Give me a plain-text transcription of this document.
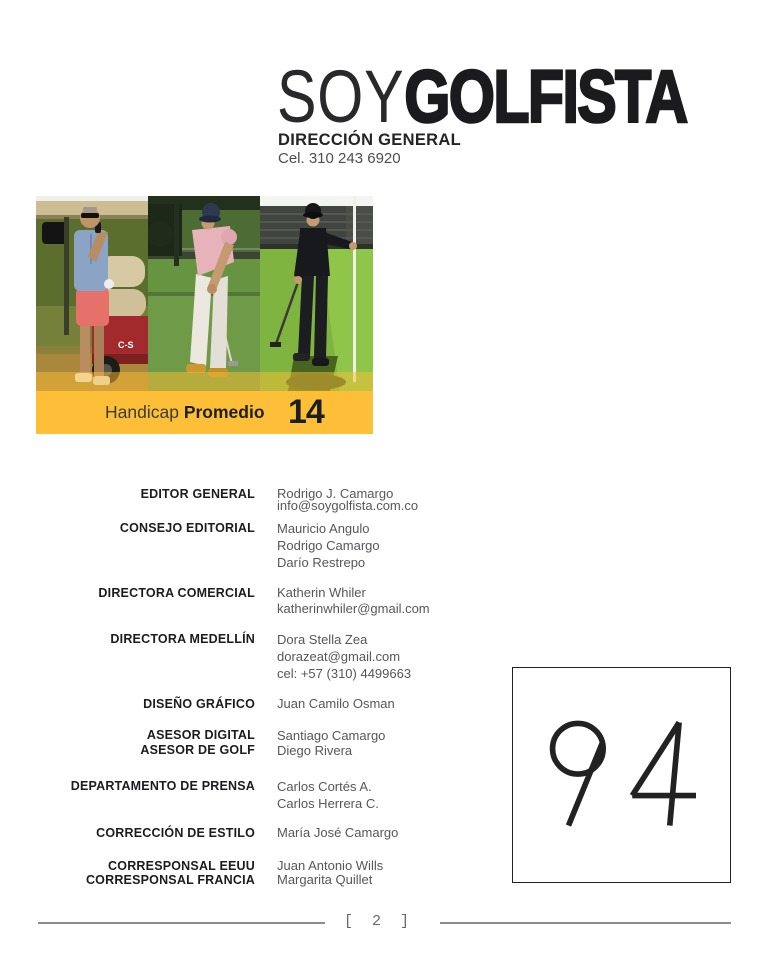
SOYGOLFISTA
DIRECCIÓN GENERAL
Cel. 310 243 6920
C-S
Handicap Promedio 14
EDITOR GENERAL Rodrigo J. Camargo
info@soygolfista.com.co
CONSEJO EDITORIAL Mauricio Angulo
Rodrigo Camargo
Darío Restrepo
DIRECTORA COMERCIAL Katherin Whiler
katherinwhiler@gmail.com
DIRECTORA MEDELLÍN Dora Stella Zea
dorazeat@gmail.com
cel: +57 (310) 4499663
DISEÑO GRÁFICO Juan Camilo Osman
ASESOR DIGITAL
ASESOR DE GOLF
Santiago Camargo
Diego Rivera
DEPARTAMENTO DE PRENSA Carlos Cortés A.
Carlos Herrera C.
CORRECCIÓN DE ESTILO María José Camargo
CORRESPONSAL EEUU
CORRESPONSAL FRANCIA
Juan Antonio Wills
Margarita Quillet
[ 2 ]
